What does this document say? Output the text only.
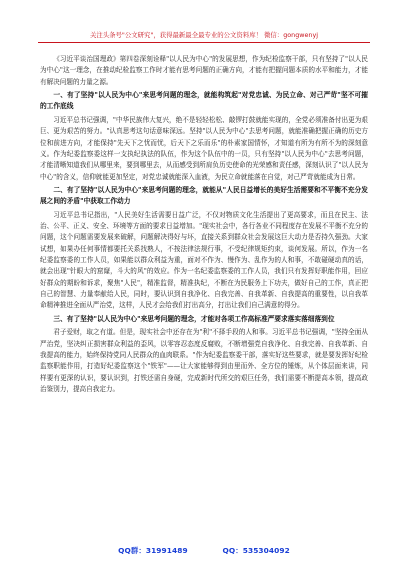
关注头条号"公文研究"，获得最新最全最专业的公文资料库！ 微信：gongwenyj

《习近平谈治国理政》第四卷深刻诠释"以人民为中心"的发展思想，作为纪检监察干部，只有坚持了"以人民为中心"这一理念，在推动纪检监察工作时才能有思考问题的正确方向，才能有把握问题本质的水平和能力，才能有解决问题的力量之源。

一、有了坚持"以人民为中心"来思考问题的理念，就能构筑起"对党忠诚、为民立命、对己严苛"坚不可摧的工作底线

习近平总书记强调，"中华民族伟大复兴，绝不是轻轻松松、敲锣打鼓就能实现的，全党必须准备付出更为艰巨、更为艰苦的努力。"认真思考这句话意味深远。坚持"以人民为中心"去思考问题，就能准确把握正确的历史方位和前进方向，才能保持"先天下之忧而忧，后天下之乐而乐"的朴素家国情怀，才知道有所为有所不为的深刻意义。作为纪委监察委这样一支执纪执法的队伍，作为这个队伍中的一员，只有坚持"以人民为中心"去思考问题，才能清晰知道我们从哪里来，要到哪里去，从而感受到所肩负历史使命的光荣感和责任感，深刻认识了"以人民为中心"的含义，信仰就能更加坚定，对党忠诚就能深入血液，为民立命就能落在自觉，对己严苛就能成为日常。

二、有了坚持"以人民为中心"来思考问题的理念，就能从"人民日益增长的美好生活需要和不平衡不充分发展之间的矛盾"中获取工作动力

习近平总书记指出，"人民美好生活需要日益广泛，不仅对物质文化生活提出了更高要求，而且在民主、法治、公平、正义、安全、环境等方面的要求日益增加。"现实社会中，各行各业不同程度存在发展不平衡不充分的问题，这个问题需要发展来破解，问题解决得好与坏，直接关系到群众社会发展这巨大动力是否持久强劲。大家试想，如果办任何事情都要托关系找熟人，不按法律法规行事，不受纪律规矩约束，谈何发展。所以，作为一名纪委监察委的工作人员，如果能以群众利益为重，面对不作为、慢作为、乱作为的人和事，不敢碰硬动真的话，就会出现"针眼大的窟窿，斗大的风"的效应。作为一名纪委监察委的工作人员，我们只有发挥好职能作用，回应好群众的期盼和诉求，聚焦"人民"，精准监督，精准执纪，不断在为民服务上下功夫，做好自己的工作，真正把自己的智慧、力量奉献给人民，同时，要认识到自我净化、自我完善、自我革新、自我提高的重要性，以自我革命精神推进全面从严治党，这样，人民才会给我们打出高分，打出让我们自己满意的得分。

三、有了坚持"以人民为中心"来思考问题的理念，才能对各项工作高标准严要求落实落细落到位

君子爱财，取之有道。但是，现实社会中还存在为"利"不择手段的人和事。习近平总书记强调，"坚持全面从严治党，坚决纠正损害群众利益的歪风，以零容忍态度反腐败，不断增强党自我净化、自我完善、自我革新、自我提高的能力，始终保持党同人民群众的血肉联系。"作为纪委监察委干部，落实好这些要求，就是要发挥好纪检监察职能作用，打造好纪委监察这个"铁军"——让大家能够得到由里而外、全方位的锤炼，从个体层面来讲，同样要有更深的认识，要认识到，打铁还需自身硬，完成新时代所交的艰巨任务，我们需要不断提高本领，提高政治鉴别力，提高自我定力。

QQ群：31991489	QQ：535304092
